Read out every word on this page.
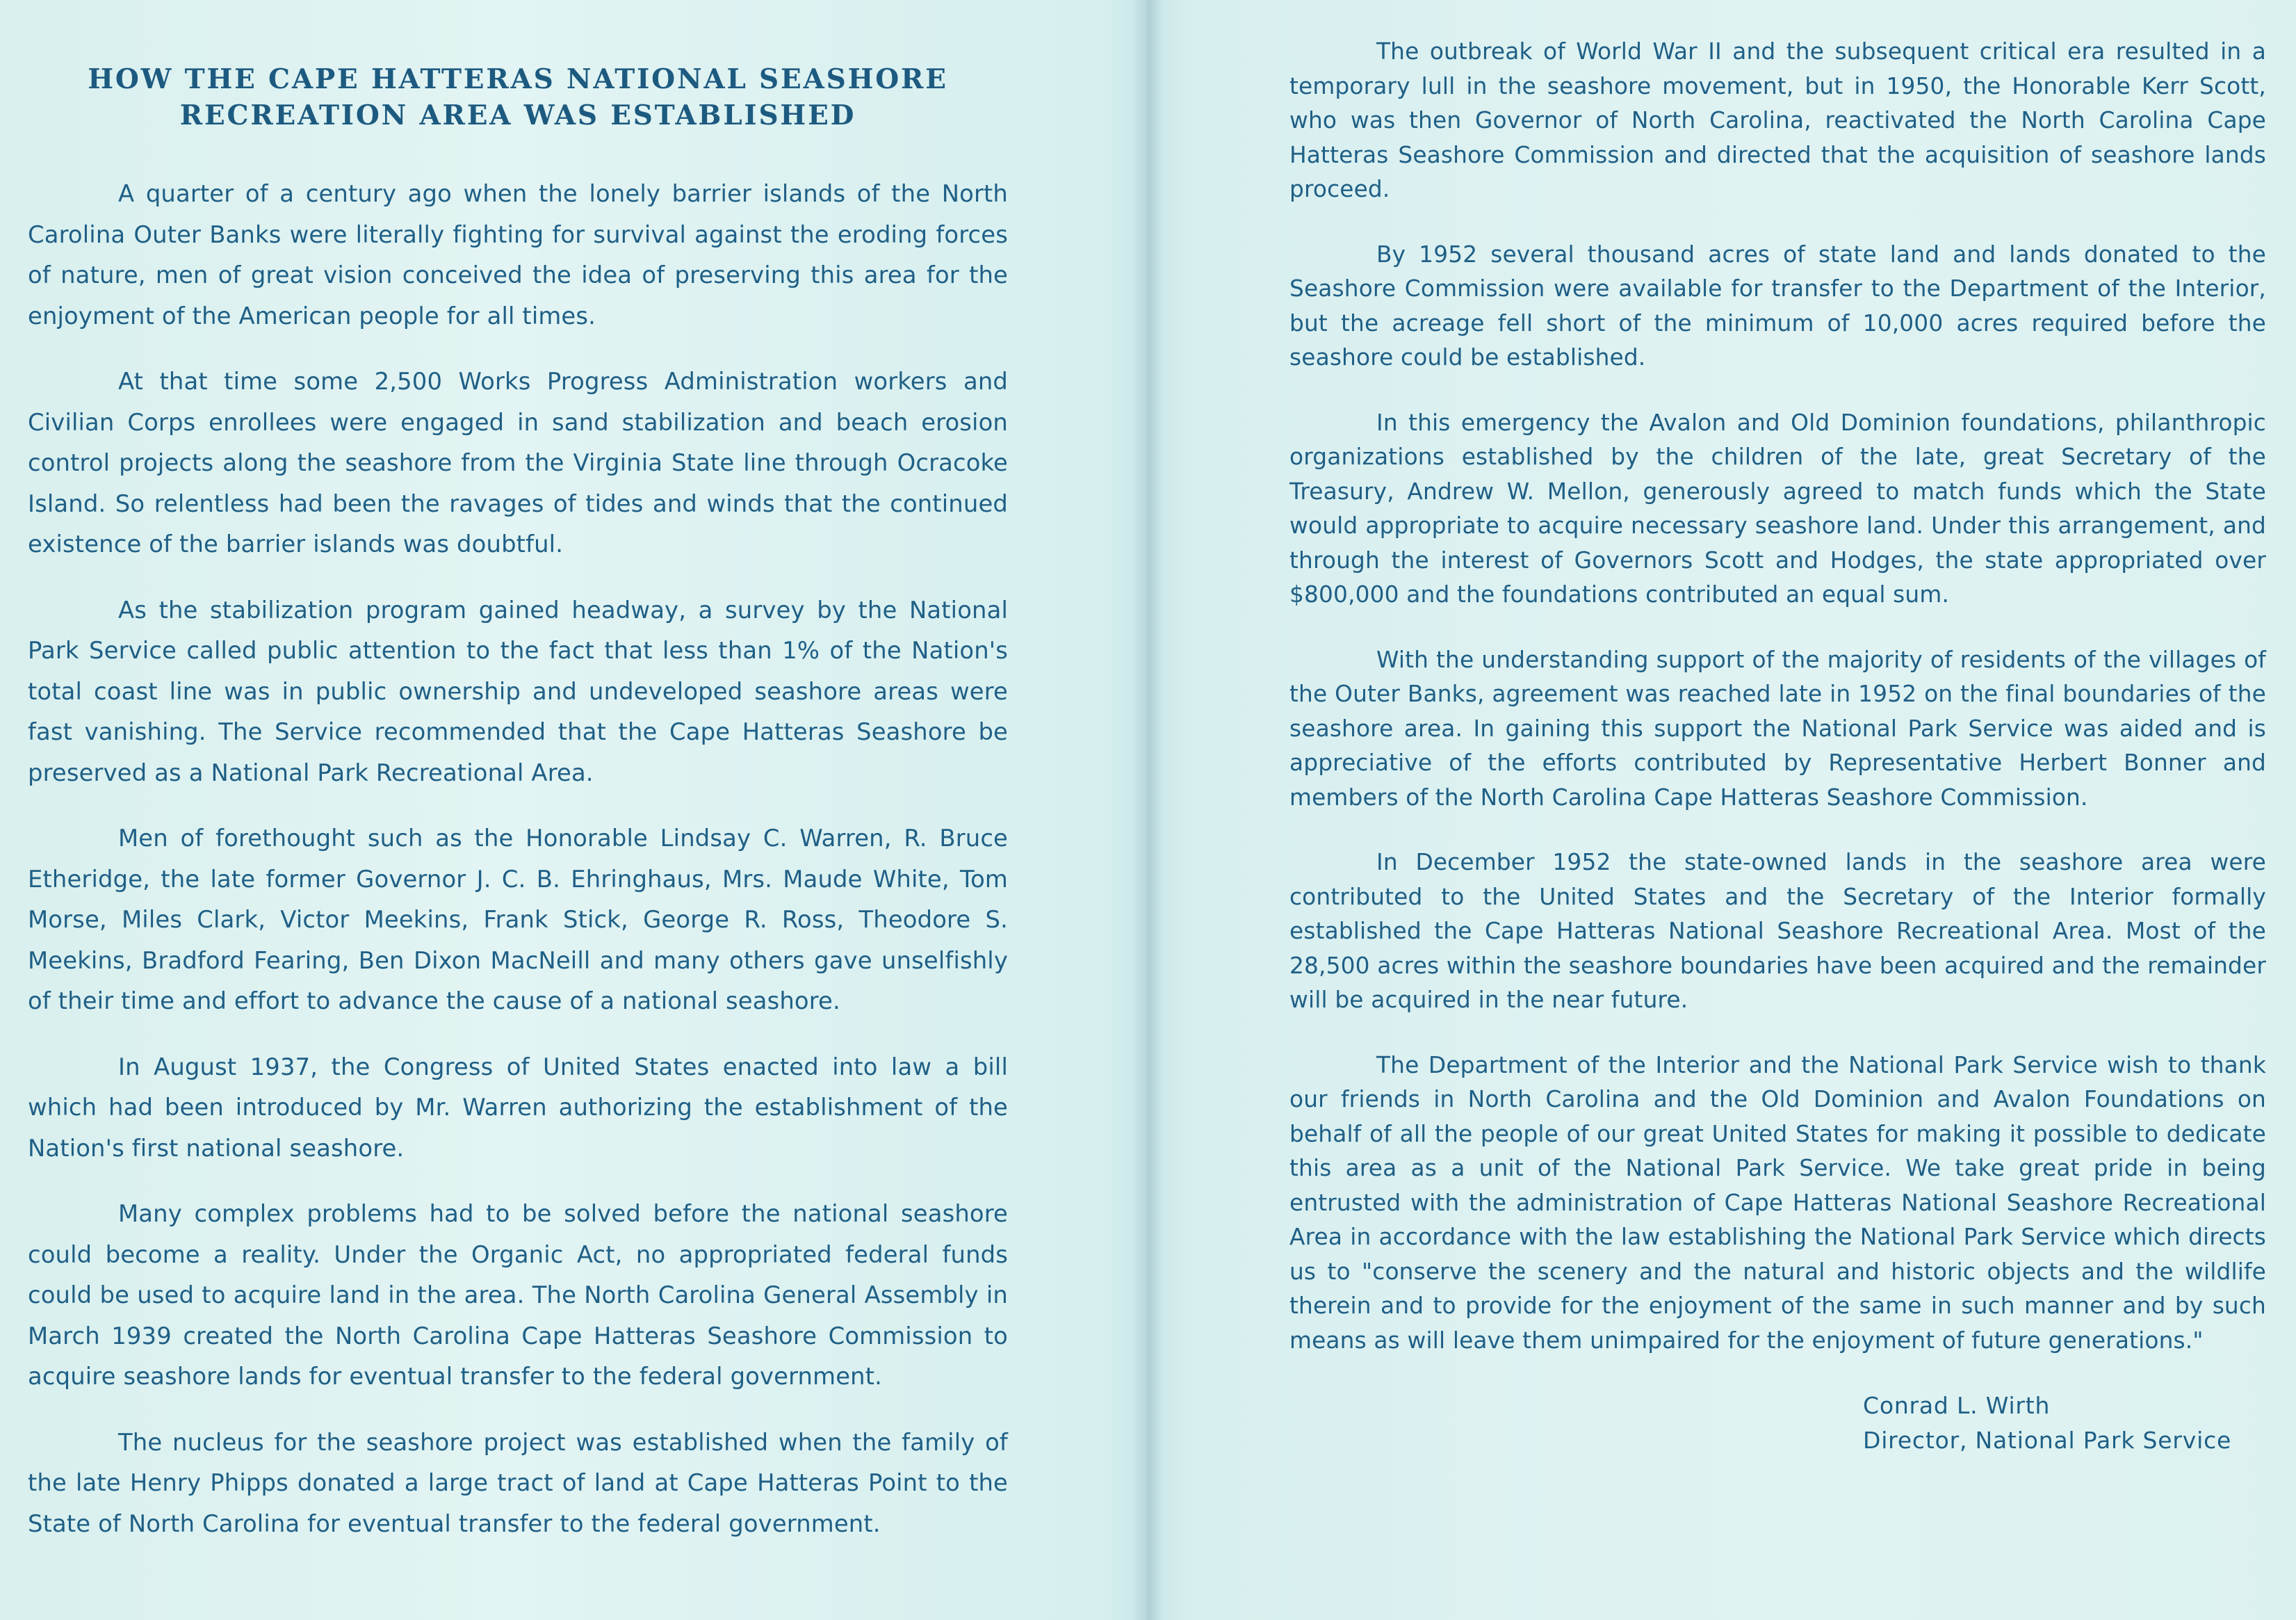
HOW THE CAPE HATTERAS NATIONAL SEASHORE
RECREATION AREA WAS ESTABLISHED

A quarter of a century ago when the lonely barrier islands of the North Carolina Outer Banks were literally fighting for survival against the eroding forces of nature, men of great vision conceived the idea of preserving this area for the enjoyment of the American people for all times.

At that time some 2,500 Works Progress Administration workers and Civilian Corps enrollees were engaged in sand stabilization and beach erosion control projects along the seashore from the Virginia State line through Ocracoke Island. So relentless had been the ravages of tides and winds that the continued existence of the barrier islands was doubtful.

As the stabilization program gained headway, a survey by the National Park Service called public attention to the fact that less than 1% of the Nation's total coast line was in public ownership and undeveloped seashore areas were fast vanishing. The Service recommended that the Cape Hatteras Seashore be preserved as a National Park Recreational Area.

Men of forethought such as the Honorable Lindsay C. Warren, R. Bruce Etheridge, the late former Governor J. C. B. Ehringhaus, Mrs. Maude White, Tom Morse, Miles Clark, Victor Meekins, Frank Stick, George R. Ross, Theodore S. Meekins, Bradford Fearing, Ben Dixon MacNeill and many others gave unselfishly of their time and effort to advance the cause of a national seashore.

In August 1937, the Congress of United States enacted into law a bill which had been introduced by Mr. Warren authorizing the establishment of the Nation's first national seashore.

Many complex problems had to be solved before the national seashore could become a reality. Under the Organic Act, no appropriated federal funds could be used to acquire land in the area. The North Carolina General Assembly in March 1939 created the North Carolina Cape Hatteras Seashore Commission to acquire seashore lands for eventual transfer to the federal government.

The nucleus for the seashore project was established when the family of the late Henry Phipps donated a large tract of land at Cape Hatteras Point to the State of North Carolina for eventual transfer to the federal government.

The outbreak of World War II and the subsequent critical era resulted in a temporary lull in the seashore movement, but in 1950, the Honorable Kerr Scott, who was then Governor of North Carolina, reactivated the North Carolina Cape Hatteras Seashore Commission and directed that the acquisition of seashore lands proceed.

By 1952 several thousand acres of state land and lands donated to the Seashore Commission were available for transfer to the Department of the Interior, but the acreage fell short of the minimum of 10,000 acres required before the seashore could be established.

In this emergency the Avalon and Old Dominion foundations, philanthropic organizations established by the children of the late, great Secretary of the Treasury, Andrew W. Mellon, generously agreed to match funds which the State would appropriate to acquire necessary seashore land. Under this arrangement, and through the interest of Governors Scott and Hodges, the state appropriated over $800,000 and the foundations contributed an equal sum.

With the understanding support of the majority of residents of the villages of the Outer Banks, agreement was reached late in 1952 on the final boundaries of the seashore area. In gaining this support the National Park Service was aided and is appreciative of the efforts contributed by Representative Herbert Bonner and members of the North Carolina Cape Hatteras Seashore Commission.

In December 1952 the state-owned lands in the seashore area were contributed to the United States and the Secretary of the Interior formally established the Cape Hatteras National Seashore Recreational Area. Most of the 28,500 acres within the seashore boundaries have been acquired and the remainder will be acquired in the near future.

The Department of the Interior and the National Park Service wish to thank our friends in North Carolina and the Old Dominion and Avalon Foundations on behalf of all the people of our great United States for making it possible to dedicate this area as a unit of the National Park Service. We take great pride in being entrusted with the administration of Cape Hatteras National Seashore Recreational Area in accordance with the law establishing the National Park Service which directs us to "conserve the scenery and the natural and historic objects and the wildlife therein and to provide for the enjoyment of the same in such manner and by such means as will leave them unimpaired for the enjoyment of future generations."

Conrad L. Wirth
Director, National Park Service
